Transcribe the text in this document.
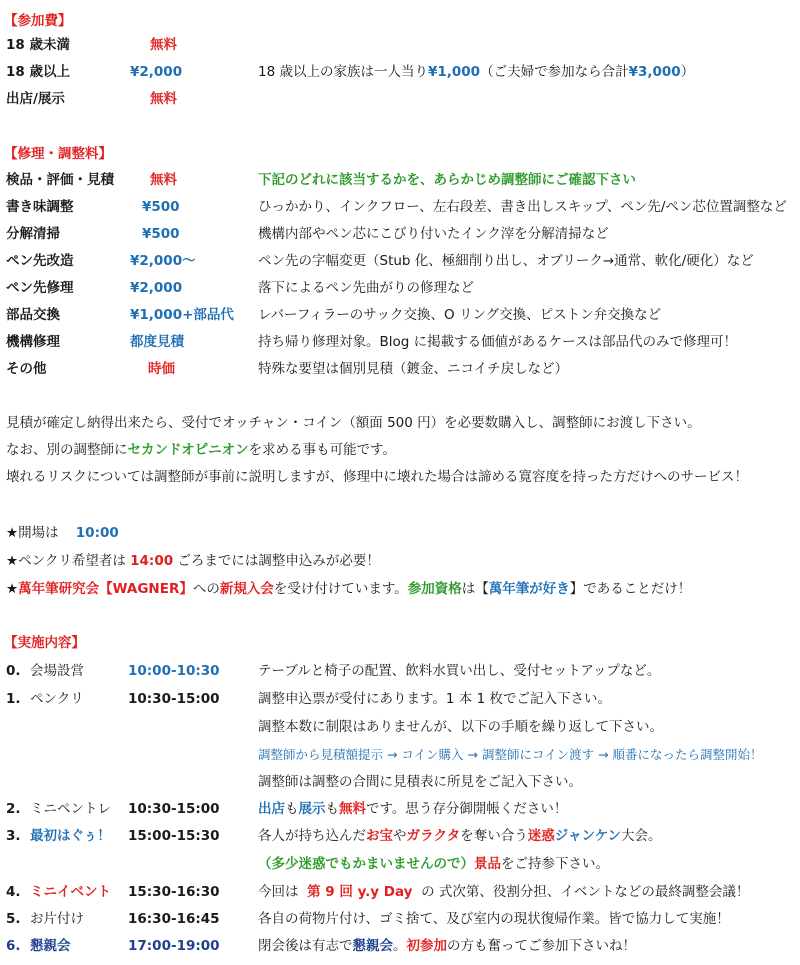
【参加費】
18 歳未満	無料
18 歳以上	¥2,000	18 歳以上の家族は一人当り¥1,000（ご夫婦で参加なら合計¥3,000）
出店/展示	無料
【修理・調整料】
検品・評価・見積	無料	下記のどれに該当するかを、あらかじめ調整師にご確認下さい
書き味調整	¥500	ひっかかり、インクフロー、左右段差、書き出しスキップ、ペン先/ペン芯位置調整など
分解清掃	¥500	機構内部やペン芯にこびり付いたインク滓を分解清掃など
ペン先改造	¥2,000～	ペン先の字幅変更（Stub 化、極細削り出し、オブリーク→通常、軟化/硬化）など
ペン先修理	¥2,000	落下によるペン先曲がりの修理など
部品交換	¥1,000+部品代 レバーフィラーのサック交換、O リング交換、ピストン弁交換など
機構修理	都度見積	持ち帰り修理対象。Blog に掲載する価値があるケースは部品代のみで修理可！
その他	時価	特殊な要望は個別見積（鍍金、ニコイチ戻しなど）
見積が確定し納得出来たら、受付でオッチャン・コイン（額面 500 円）を必要数購入し、調整師にお渡し下さい。
なお、別の調整師にセカンドオピニオンを求める事も可能です。
壊れるリスクについては調整師が事前に説明しますが、修理中に壊れた場合は諦める寛容度を持った方だけへのサービス！
★開場は 10:00
★ペンクリ希望者は 14:00 ごろまでには調整申込みが必要！
★萬年筆研究会【WAGNER】への新規入会を受け付けています。参加資格は【萬年筆が好き】であることだけ！
【実施内容】
0. 会場設営	10:00-10:30	テーブルと椅子の配置、飲料水買い出し、受付セットアップなど。
1. ペンクリ	10:30-15:00	調整申込票が受付にあります。1 本 1 枚でご記入下さい。
調整本数に制限はありませんが、以下の手順を繰り返して下さい。
調整師から見積額提示 → コイン購入 → 調整師にコイン渡す → 順番になったら調整開始！
調整師は調整の合間に見積表に所見をご記入下さい。
2. ミニペントレ 10:30-15:00	出店も展示も無料です。思う存分御開帳ください！
3. 最初はぐぅ！ 15:00-15:30	各人が持ち込んだお宝やガラクタを奪い合う迷惑ジャンケン大会。
（多少迷惑でもかまいませんので）景品をご持参下さい。
4. ミニイベント 15:30-16:30	今回は 第 9 回 y.y Day の 式次第、役割分担、イベントなどの最終調整会議！
5. お片付け	16:30-16:45	各自の荷物片付け、ゴミ捨て、及び室内の現状復帰作業。皆で協力して実施！
6. 懇親会	17:00-19:00	閉会後は有志で懇親会。初参加の方も奮ってご参加下さいね！
